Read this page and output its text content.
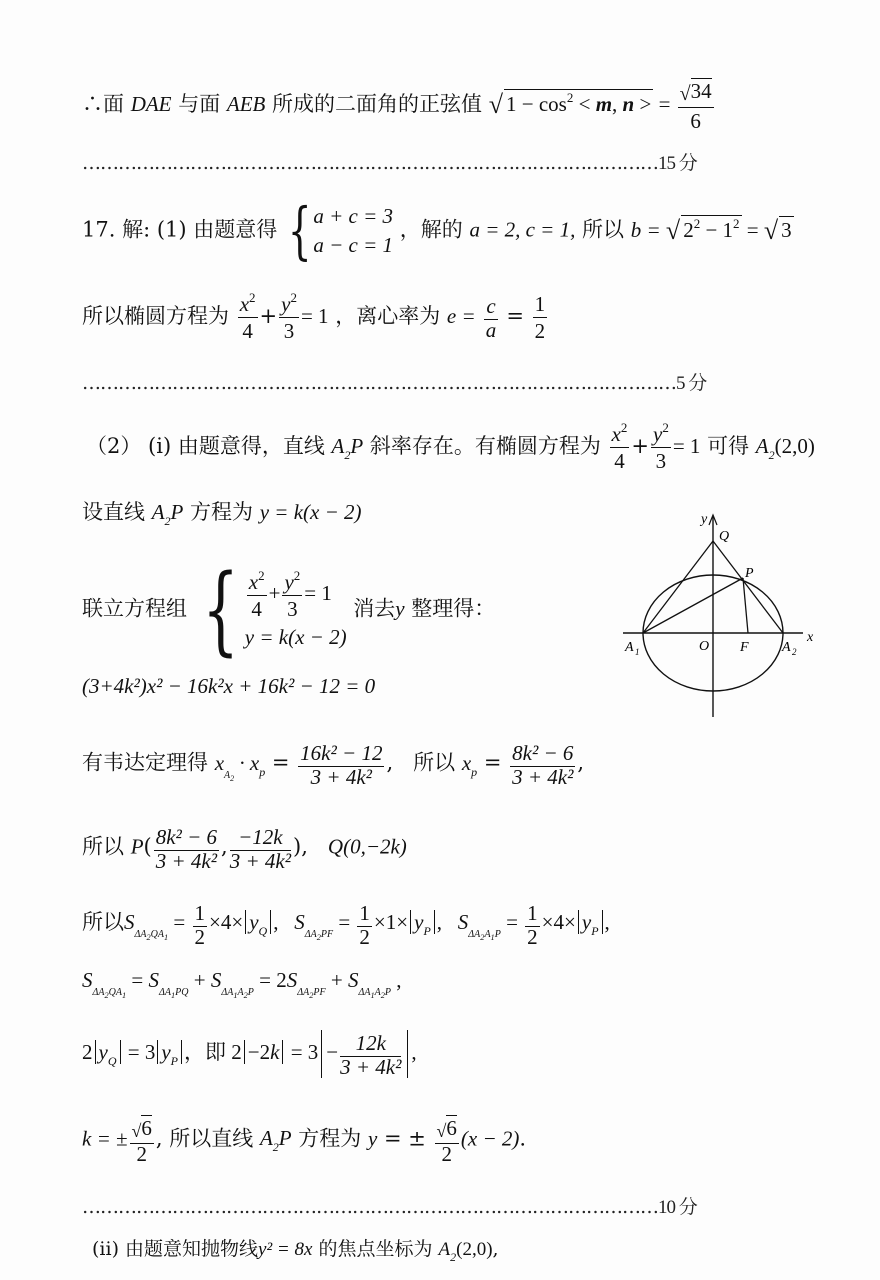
∴面 DAE 与面 AEB 所成的二面角的正弦值 √ $1 - \cos^2 < m$, n > = $\frac{√34}{6}$
……………………………………………………………………………………15 分
17. 解: (1) 由题意得 { a + c = 3
a − c = 1
，解的 a = 2, c = 1, 所以 b = √ $2^2 - 1^2$ = √ 3
所以椭圆方程为 $\frac{x^2}{4} + \frac{y^2}{3} = 1$ ，离心率为 $e = \frac{c}{a} = \frac{1}{2}$
………………………………………………………………………………………5 分
（2） (i) 由题意得，直线 $A_2P$ 斜率存在。有椭圆方程为 $\frac{x^2}{4} + \frac{y^2}{3} = 1$ 可得 $A_2(2,0)$
设直线 $A_2P$ 方程为 y = k(x − 2)
联立方程组 { $\frac{x^2}{4} + \frac{y^2}{3} = 1$
y = k(x − 2)
消去y 整理得：
y
x
Q
P
O F
A 1	A 2
(3+4k²)x² − 16k²x + 16k² − 12 = 0
有韦达定理得 $x_{A_2} \cdot x_p = \frac{\text{16k² − 12}}{\text{3 + 4k²}}$,   所以 $x_p = \frac{\text{8k² − 6}}{\text{3 + 4k²}}$,
所以 $P( \frac{\text{8k² − 6}}{\text{3 + 4k²}}$, $\frac{-12k}{\text{3 + 4k²}}$),   Q(0,−2k)
所以$S_{\Delta A_2QA_1} = 1$
$2\times 4\times y_Q$ ,   $S_{\Delta A_2PF} = 1$
$2\times 1\times y_P$ ,   $S_{\Delta A_2A_1P} = 1$
$2\times 4\times y_P$ ,
$S_{\Delta A_2QA_1} = S_{\Delta A_1PQ} + S_{\Delta A_1A_2P} = 2S_{\Delta A_2PF} + S_{\Delta A_1A_2P}$ ,
2 $y_Q = 3$ $y_P$ ，即 $2 -2k = 3 - \frac{12k}{\text{3 + 4k²}}$ ,
k = ± √6
2, 所以直线 $A_2P$ 方程为 y = ± √6
2(x − 2).
……………………………………………………………………………………10 分
(ii) 由题意知抛物线y² = 8x 的焦点坐标为 $A_2(2,0)$,
